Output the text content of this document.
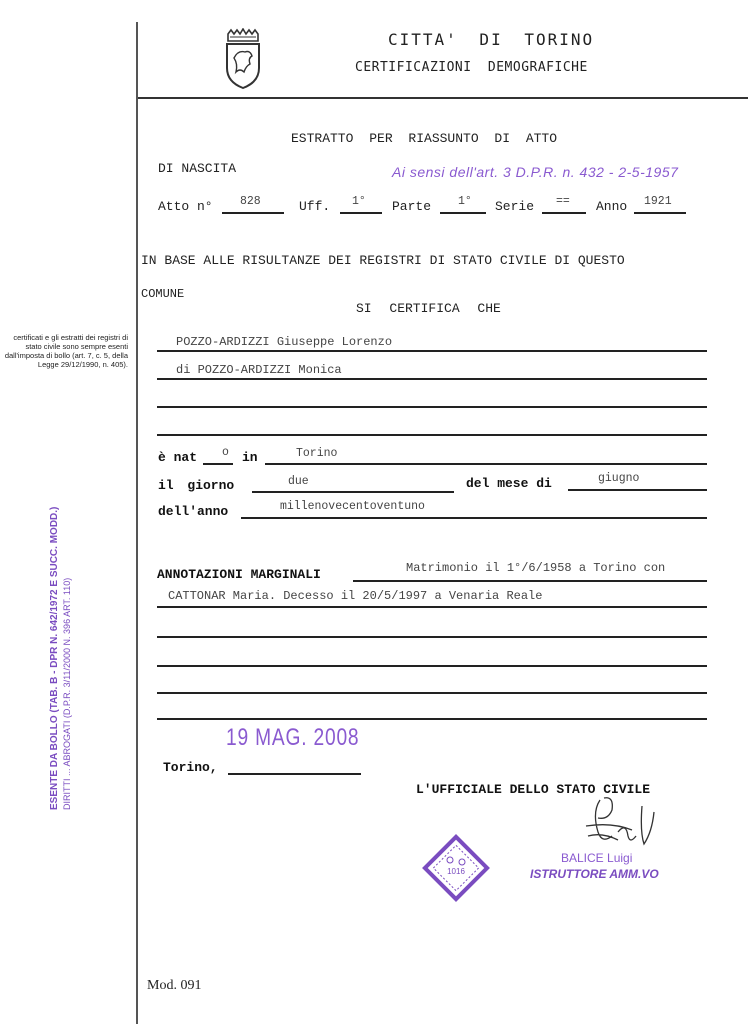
CITTA' DI TORINO
CERTIFICAZIONI DEMOGRAFICHE
certificati e gli estratti dei registri di stato civile sono sempre esenti dall'imposta di bollo (art. 7, c. 5, della Legge 29/12/1990, n. 405).
ESENTE DA BOLLO (TAB. B - DPR N. 642/1972 E SUCC. MODD.) DIRITTI ... ABROGATI (D.P.R. 3/11/2000 N. 396 ART. 110)
ESTRATTO PER RIASSUNTO DI ATTO
DI NASCITA	Ai sensi dell'art. 3 D.P.R. n. 432 - 2-5-1957
Atto n° 828	Uff. 1° Parte 1° Serie == Anno 1921
IN BASE ALLE RISULTANZE DEI REGISTRI DI STATO CIVILE DI QUESTO
COMUNE
SI CERTIFICA CHE
POZZO-ARDIZZI Giuseppe Lorenzo
di POZZO-ARDIZZI Monica
è nat o in	Torino
il giorno	due	del mese di	giugno
dell'anno	millenovecentoventuno
ANNOTAZIONI MARGINALI	Matrimonio il 1°/6/1958 a Torino con
CATTONAR Maria. Decesso il 20/5/1997 a Venaria Reale
19 MAG. 2008
Torino,
L'UFFICIALE DELLO STATO CIVILE
1016
BALICE Luigi
ISTRUTTORE AMM.VO
Mod. 091
